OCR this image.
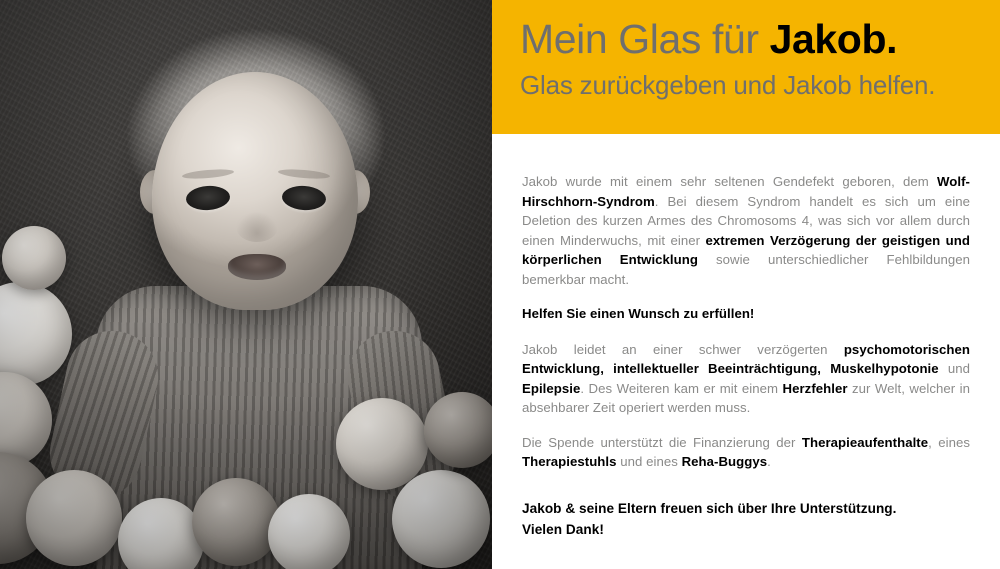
Mein Glas für Jakob.
Glas zurückgeben und Jakob helfen.

Jakob wurde mit einem sehr seltenen Gendefekt geboren, dem Wolf-Hirschhorn-Syndrom. Bei diesem Syndrom handelt es sich um eine Deletion des kurzen Armes des Chromosoms 4, was sich vor allem durch einen Minderwuchs, mit einer extremen Verzögerung der geistigen und körperlichen Entwicklung sowie unterschiedlicher Fehlbildungen bemerkbar macht.

Helfen Sie einen Wunsch zu erfüllen!

Jakob leidet an einer schwer verzögerten psychomotorischen Entwicklung, intellektueller Beeinträchtigung, Muskelhypotonie und Epilepsie. Des Weiteren kam er mit einem Herzfehler zur Welt, welcher in absehbarer Zeit operiert werden muss.

Die Spende unterstützt die Finanzierung der Therapieaufenthalte, eines Therapiestuhls und eines Reha-Buggys.

Jakob & seine Eltern freuen sich über Ihre Unterstützung.
Vielen Dank!
